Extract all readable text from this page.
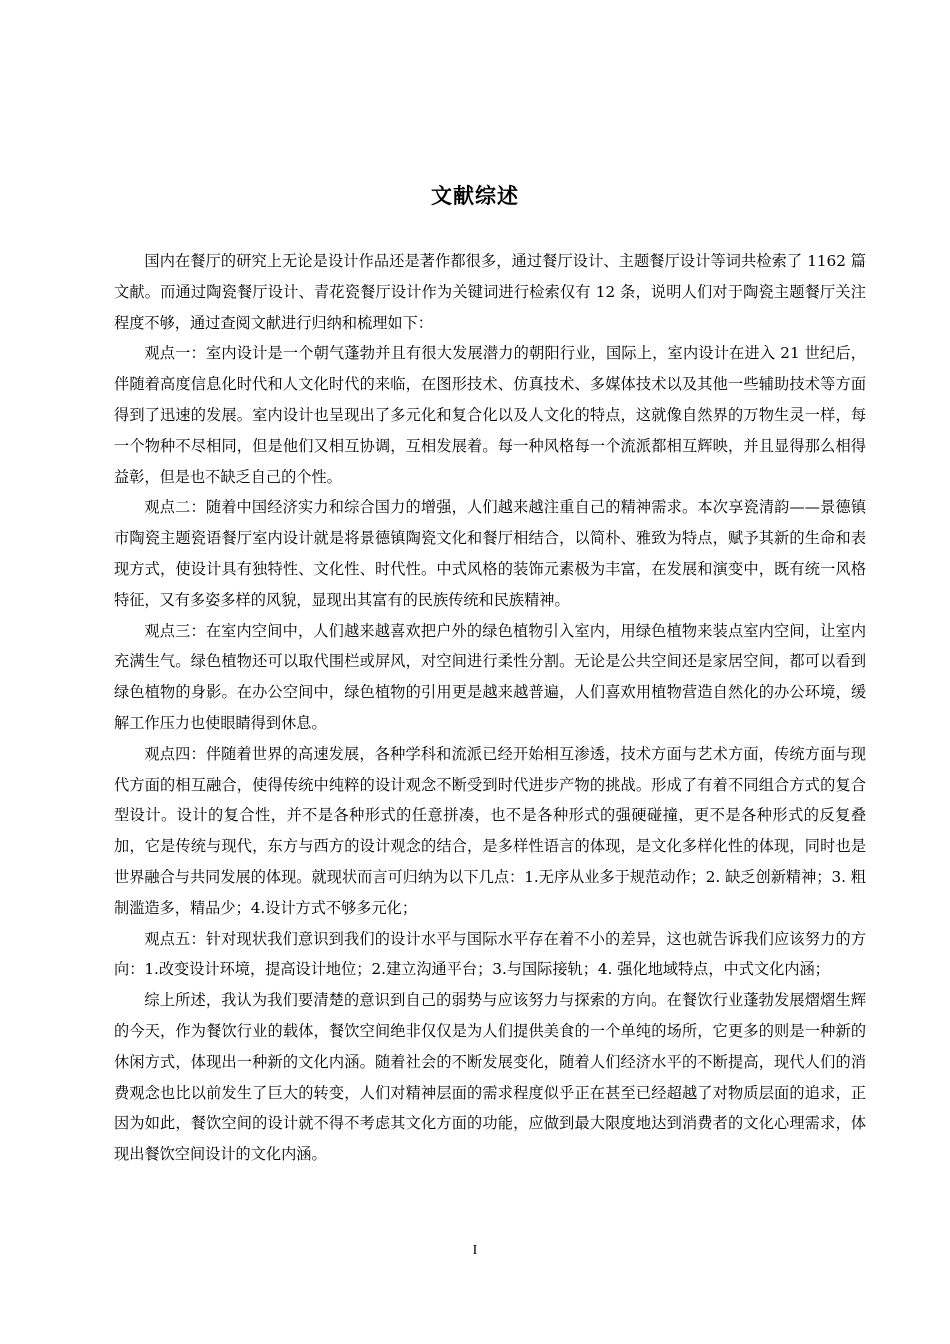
文献综述

国内在餐厅的研究上无论是设计作品还是著作都很多，通过餐厅设计、主题餐厅设计等词共检索了 1162 篇文献。而通过陶瓷餐厅设计、青花瓷餐厅设计作为关键词进行检索仅有 12 条，说明人们对于陶瓷主题餐厅关注程度不够，通过查阅文献进行归纳和梳理如下：

观点一：室内设计是一个朝气蓬勃并且有很大发展潜力的朝阳行业，国际上，室内设计在进入 21 世纪后，伴随着高度信息化时代和人文化时代的来临，在图形技术、仿真技术、多媒体技术以及其他一些辅助技术等方面得到了迅速的发展。室内设计也呈现出了多元化和复合化以及人文化的特点，这就像自然界的万物生灵一样，每一个物种不尽相同，但是他们又相互协调，互相发展着。每一种风格每一个流派都相互辉映，并且显得那么相得益彰，但是也不缺乏自己的个性。

观点二：随着中国经济实力和综合国力的增强，人们越来越注重自己的精神需求。本次享瓷清韵——景德镇市陶瓷主题瓷语餐厅室内设计就是将景德镇陶瓷文化和餐厅相结合，以简朴、雅致为特点，赋予其新的生命和表现方式，使设计具有独特性、文化性、时代性。中式风格的装饰元素极为丰富，在发展和演变中，既有统一风格特征，又有多姿多样的风貌，显现出其富有的民族传统和民族精神。

观点三：在室内空间中，人们越来越喜欢把户外的绿色植物引入室内，用绿色植物来装点室内空间，让室内充满生气。绿色植物还可以取代围栏或屏风，对空间进行柔性分割。无论是公共空间还是家居空间，都可以看到绿色植物的身影。在办公空间中，绿色植物的引用更是越来越普遍，人们喜欢用植物营造自然化的办公环境，缓解工作压力也使眼睛得到休息。

观点四：伴随着世界的高速发展，各种学科和流派已经开始相互渗透，技术方面与艺术方面，传统方面与现代方面的相互融合，使得传统中纯粹的设计观念不断受到时代进步产物的挑战。形成了有着不同组合方式的复合型设计。设计的复合性，并不是各种形式的任意拼凑，也不是各种形式的强硬碰撞，更不是各种形式的反复叠加，它是传统与现代，东方与西方的设计观念的结合，是多样性语言的体现，是文化多样化性的体现，同时也是世界融合与共同发展的体现。就现状而言可归纳为以下几点：1.无序从业多于规范动作；2. 缺乏创新精神；3. 粗制滥造多，精品少；4.设计方式不够多元化；

观点五：针对现状我们意识到我们的设计水平与国际水平存在着不小的差异，这也就告诉我们应该努力的方向：1.改变设计环境，提高设计地位；2.建立沟通平台；3.与国际接轨；4. 强化地域特点，中式文化内涵；

综上所述，我认为我们要清楚的意识到自己的弱势与应该努力与探索的方向。在餐饮行业蓬勃发展熠熠生辉的今天，作为餐饮行业的载体，餐饮空间绝非仅仅是为人们提供美食的一个单纯的场所，它更多的则是一种新的休闲方式，体现出一种新的文化内涵。随着社会的不断发展变化，随着人们经济水平的不断提高，现代人们的消费观念也比以前发生了巨大的转变，人们对精神层面的需求程度似乎正在甚至已经超越了对物质层面的追求，正因为如此，餐饮空间的设计就不得不考虑其文化方面的功能，应做到最大限度地达到消费者的文化心理需求，体现出餐饮空间设计的文化内涵。

I
